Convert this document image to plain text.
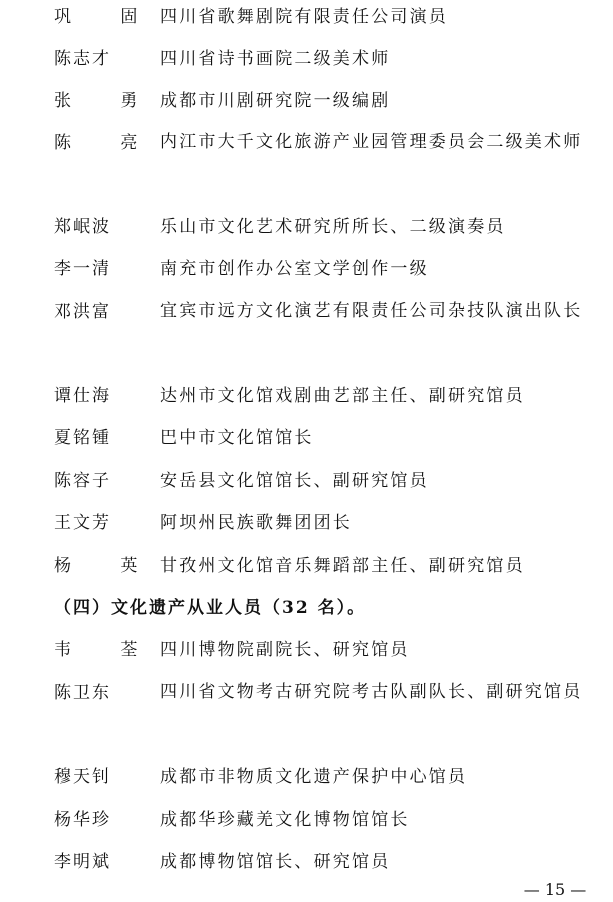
巩 固 四川省歌舞剧院有限责任公司演员
陈志才	四川省诗书画院二级美术师
张 勇 成都市川剧研究院一级编剧
陈 亮 内江市大千文化旅游产业园管理委员会二级美术师
郑岷波	乐山市文化艺术研究所所长、二级演奏员
李一清	南充市创作办公室文学创作一级
邓洪富	宜宾市远方文化演艺有限责任公司杂技队演出队长
谭仕海	达州市文化馆戏剧曲艺部主任、副研究馆员
夏铭锺	巴中市文化馆馆长
陈容子	安岳县文化馆馆长、副研究馆员
王文芳	阿坝州民族歌舞团团长
杨 英 甘孜州文化馆音乐舞蹈部主任、副研究馆员
（四）文化遗产从业人员（32 名）。
韦 荃 四川博物院副院长、研究馆员
陈卫东	四川省文物考古研究院考古队副队长、副研究馆员
穆天钊	成都市非物质文化遗产保护中心馆员
杨华珍	成都华珍藏羌文化博物馆馆长
李明斌	成都博物馆馆长、研究馆员
— 15 —
